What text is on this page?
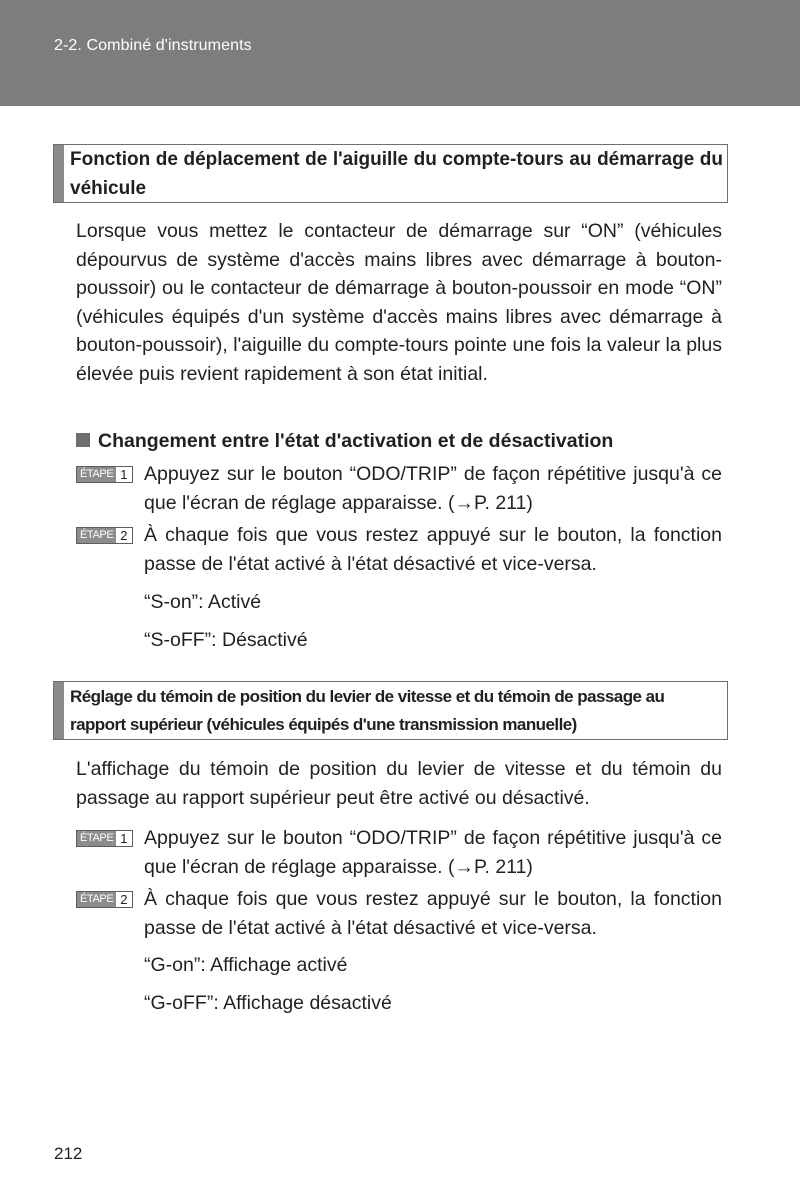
2-2. Combiné d'instruments
Fonction de déplacement de l'aiguille du compte-tours au démarrage du véhicule
Lorsque vous mettez le contacteur de démarrage sur “ON” (véhicules dépourvus de système d'accès mains libres avec démarrage à bouton-poussoir) ou le contacteur de démarrage à bouton-poussoir en mode “ON” (véhicules équipés d'un système d'accès mains libres avec démarrage à bouton-poussoir), l'aiguille du compte-tours pointe une fois la valeur la plus élevée puis revient rapidement à son état initial.
Changement entre l'état d'activation et de désactivation
ÉTAPE 1 Appuyez sur le bouton “ODO/TRIP” de façon répétitive jusqu'à ce que l'écran de réglage apparaisse. (→P. 211)
ÉTAPE 2 À chaque fois que vous restez appuyé sur le bouton, la fonction passe de l'état activé à l'état désactivé et vice-versa.
“S-on”: Activé
“S-oFF”: Désactivé
Réglage du témoin de position du levier de vitesse et du témoin de passage au rapport supérieur (véhicules équipés d'une transmission manuelle)
L'affichage du témoin de position du levier de vitesse et du témoin du passage au rapport supérieur peut être activé ou désactivé.
ÉTAPE 1 Appuyez sur le bouton “ODO/TRIP” de façon répétitive jusqu'à ce que l'écran de réglage apparaisse. (→P. 211)
ÉTAPE 2 À chaque fois que vous restez appuyé sur le bouton, la fonction passe de l'état activé à l'état désactivé et vice-versa.
“G-on”: Affichage activé
“G-oFF”: Affichage désactivé
212
